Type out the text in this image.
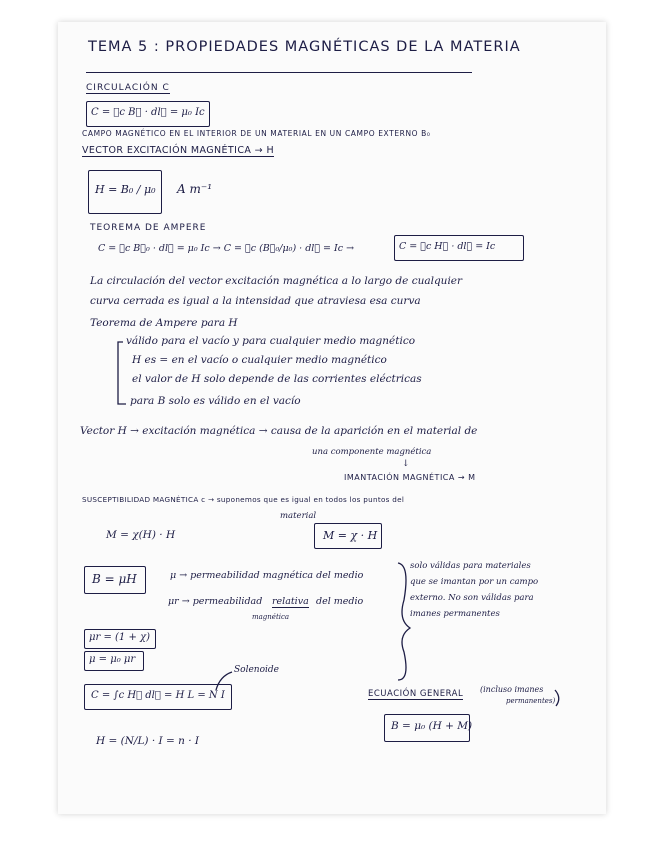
TEMA 5 : PROPIEDADES MAGNÉTICAS DE LA MATERIA
CIRCULACIÓN C
C = ∮c B⃗ · dl⃗ = μ₀ Ic
CAMPO MAGNÉTICO EN EL INTERIOR DE UN MATERIAL EN UN CAMPO EXTERNO B₀
VECTOR EXCITACIÓN MAGNÉTICA → H
H = B₀ / μ₀ A m⁻¹
TEOREMA DE AMPERE
C = ∮c B⃗₀ · dl⃗ = μ₀ Ic → C = ∮c (B⃗₀/μ₀) · dl⃗ = Ic →	C = ∮c H⃗ · dl⃗ = Ic
La circulación del vector excitación magnética a lo largo de cualquier
curva cerrada es igual a la intensidad que atraviesa esa curva
Teorema de Ampere para H
válido para el vacío y para cualquier medio magnético
H es = en el vacío o cualquier medio magnético
el valor de H solo depende de las corrientes eléctricas
para B solo es válido en el vacío
Vector H → excitación magnética → causa de la aparición en el material de
una componente magnética
↓
IMANTACIÓN MAGNÉTICA → M
SUSCEPTIBILIDAD MAGNÉTICA c → suponemos que es igual en todos los puntos del
material
M = χ(H) · H	M = χ · H
B = μH	μ → permeabilidad magnética del medio
μr → permeabilidad relativa del medio
magnética
solo válidas para materiales
que se imantan por un campo
externo. No son válidas para
imanes permanentes
μr = (1 + χ)
μ = μ₀ μr
Solenoide
C = ∫c H⃗ dl⃗ = H L = N I
H = (N/L) · I = n · I
ECUACIÓN GENERAL (incluso imanes
permanentes)
B = μ₀ (H + M)
